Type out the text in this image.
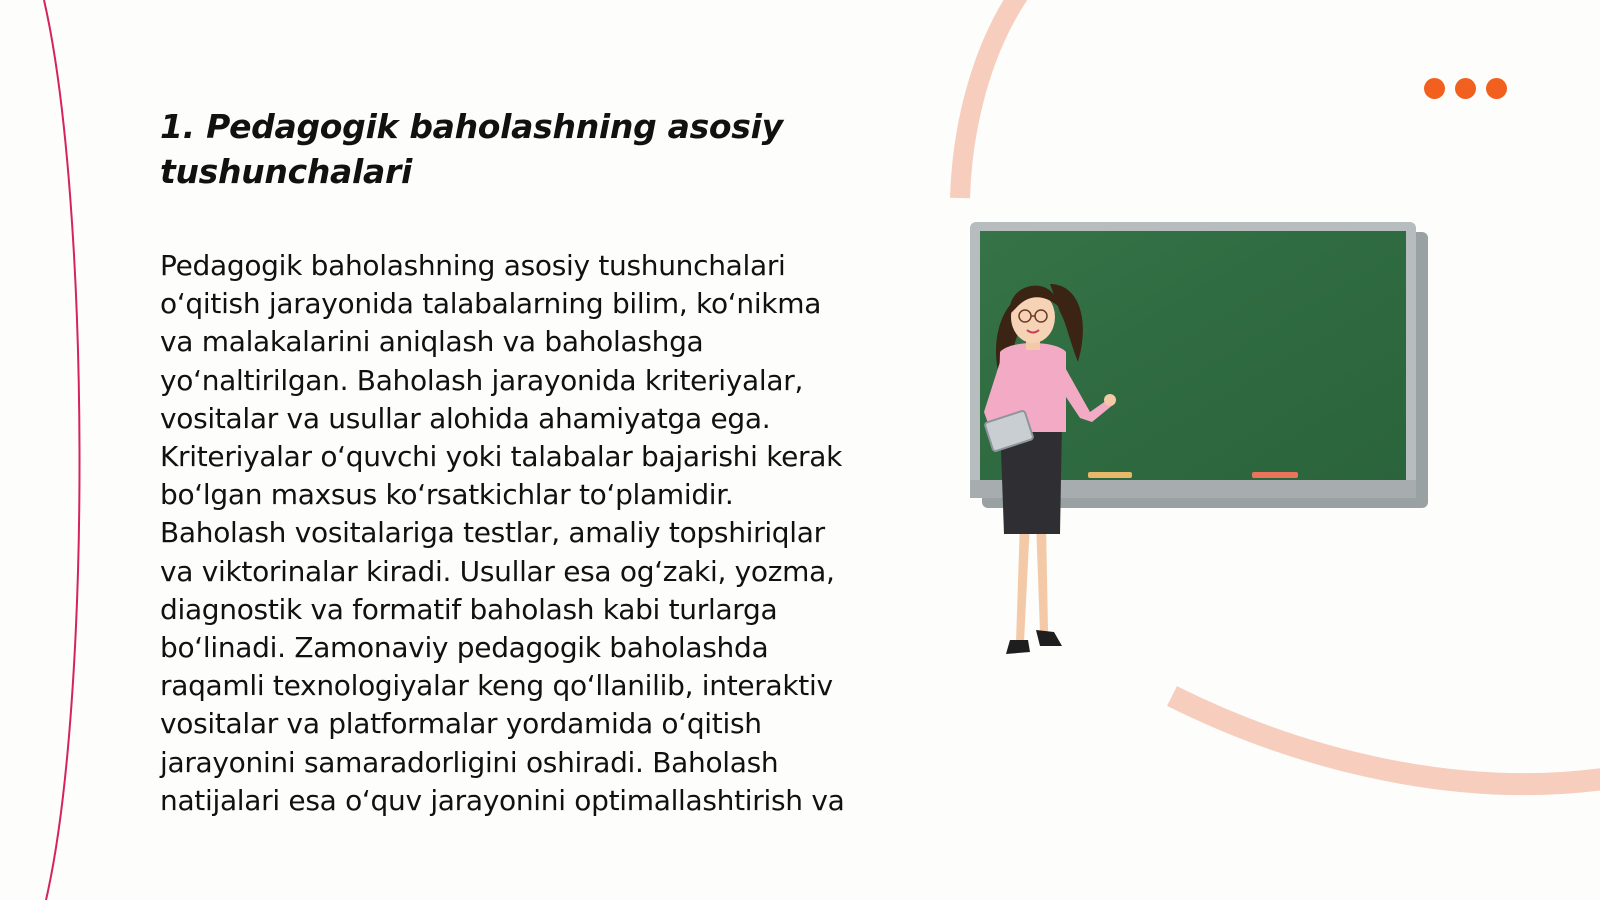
1. Pedagogik baholashning asosiy tushunchalari

Pedagogik baholashning asosiy tushunchalari o‘qitish jarayonida talabalarning bilim, ko‘nikma va malakalarini aniqlash va baholashga yo‘naltirilgan. Baholash jarayonida kriteriyalar, vositalar va usullar alohida ahamiyatga ega. Kriteriyalar o‘quvchi yoki talabalar bajarishi kerak bo‘lgan maxsus ko‘rsatkichlar to‘plamidir. Baholash vositalariga testlar, amaliy topshiriqlar va viktorinalar kiradi. Usullar esa og‘zaki, yozma, diagnostik va formatif baholash kabi turlarga bo‘linadi. Zamonaviy pedagogik baholashda raqamli texnologiyalar keng qo‘llanilib, interaktiv vositalar va platformalar yordamida o‘qitish jarayonini samaradorligini oshiradi. Baholash natijalari esa o‘quv jarayonini optimallashtirish va
